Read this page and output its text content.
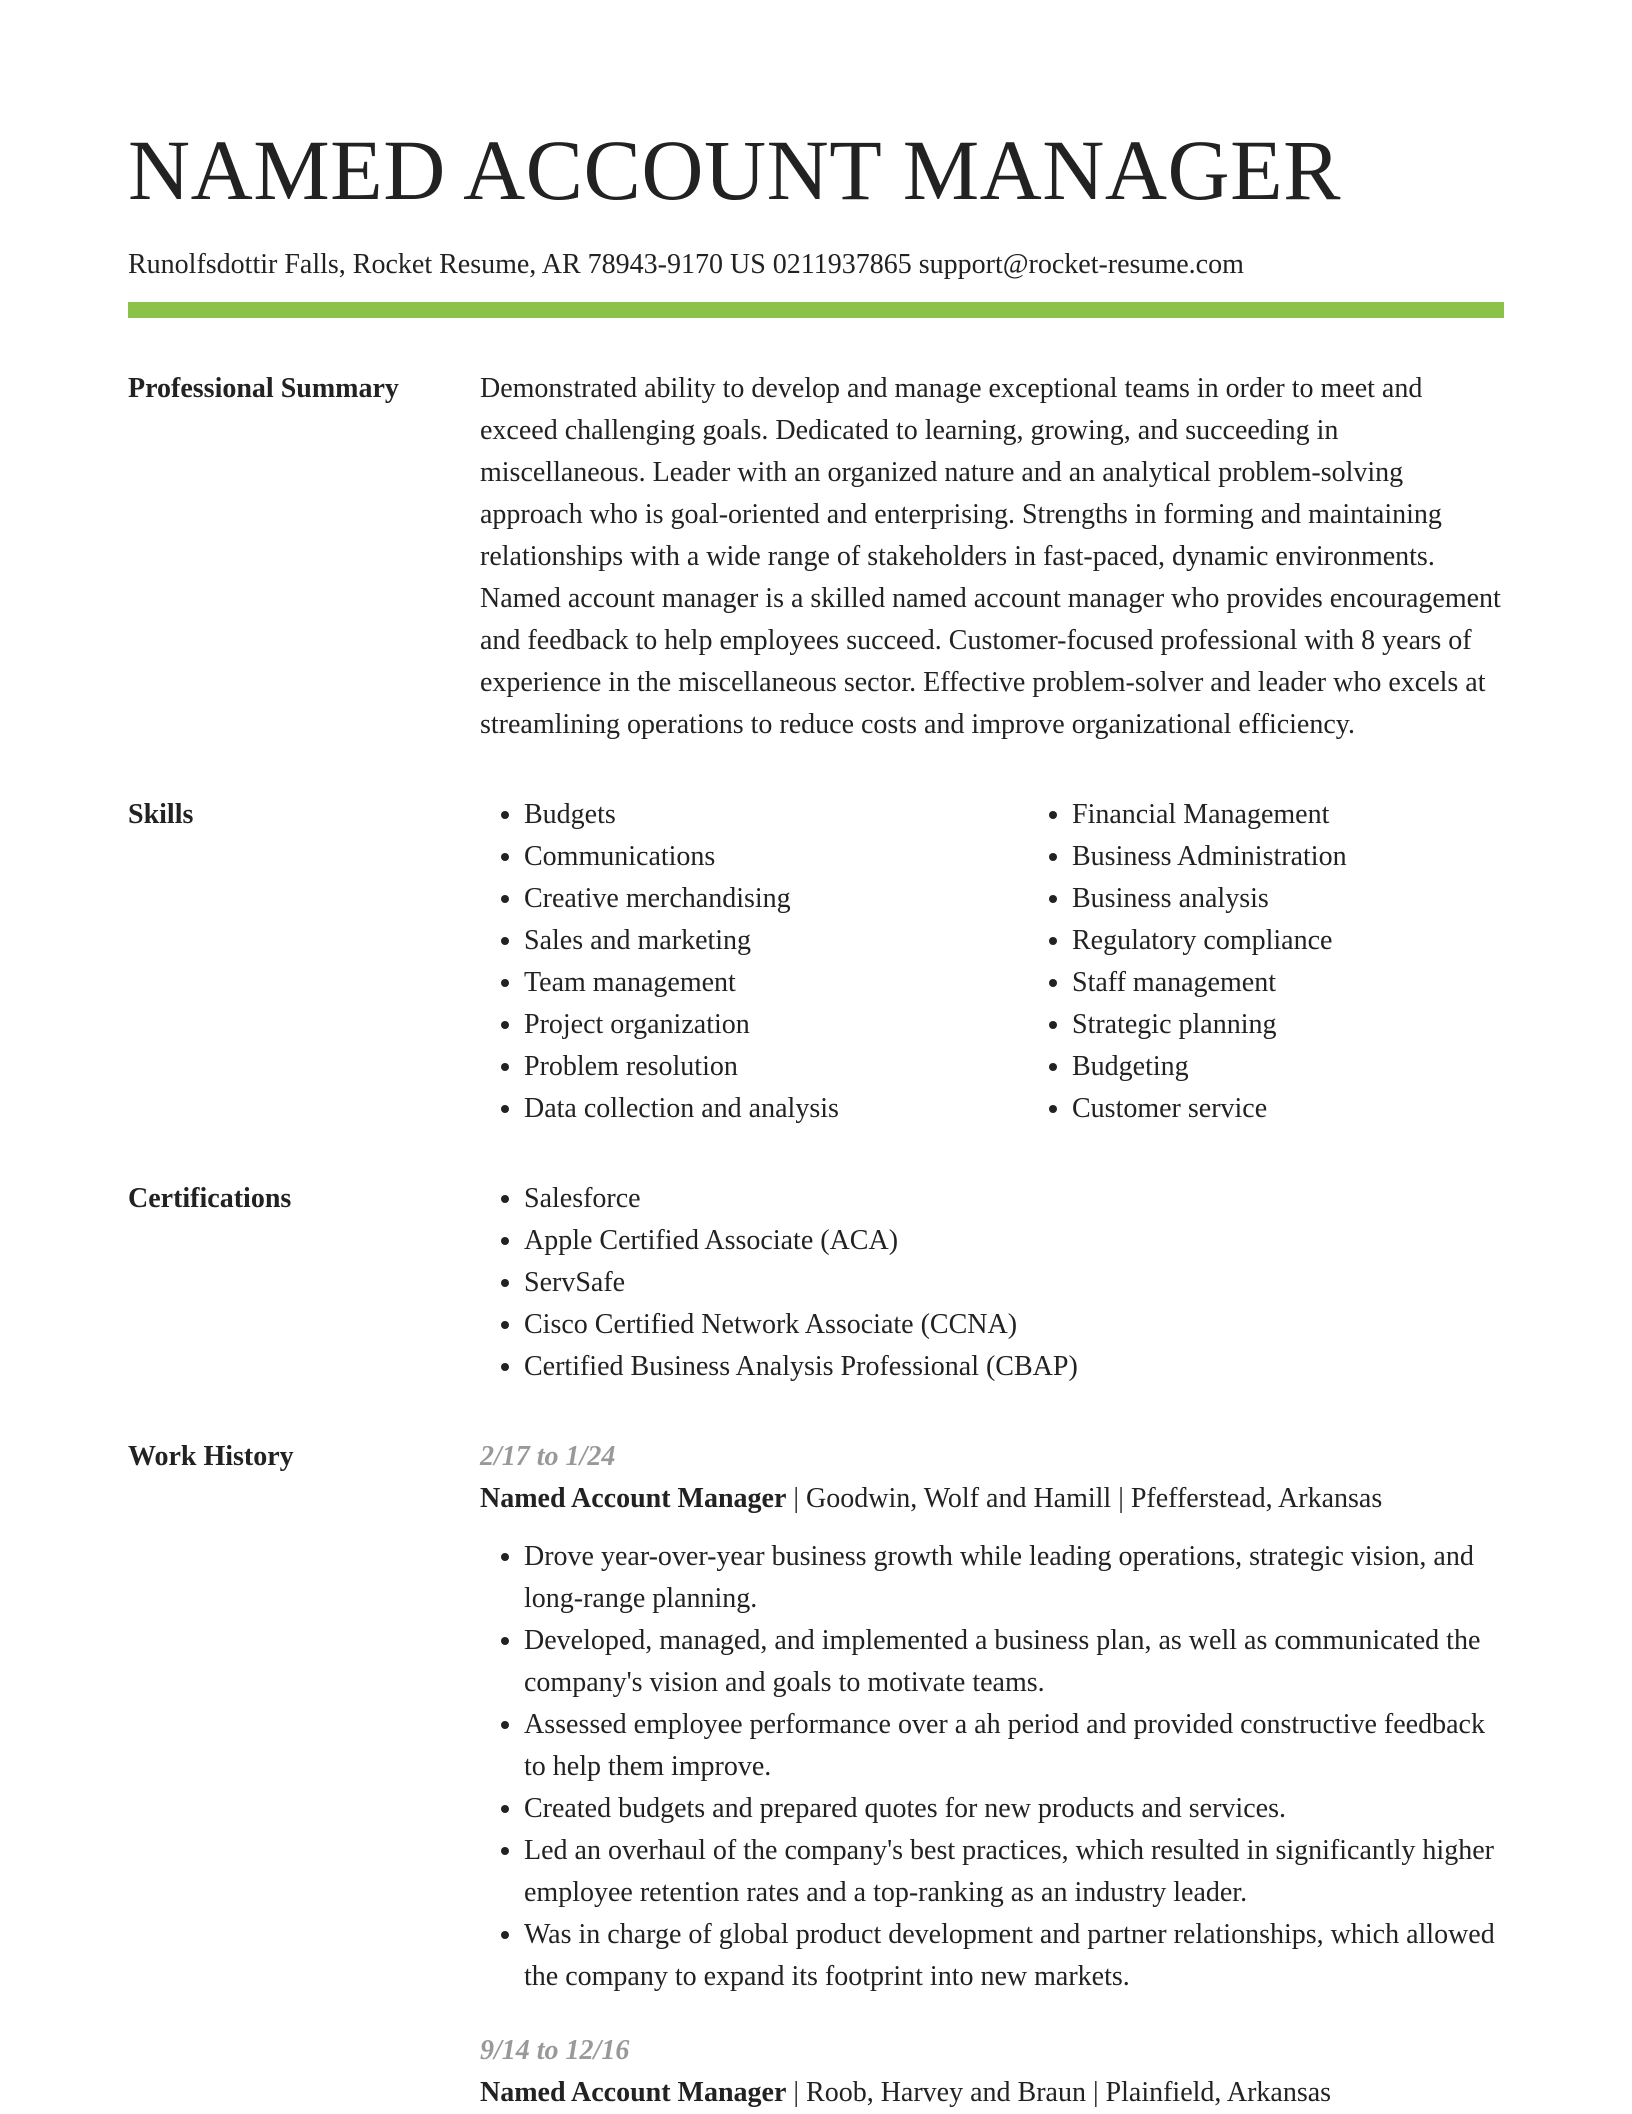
NAMED ACCOUNT MANAGER
Runolfsdottir Falls, Rocket Resume, AR 78943-9170 US 0211937865 support@rocket-resume.com
Professional Summary	Demonstrated ability to develop and manage exceptional teams in order to meet and exceed challenging goals. Dedicated to learning, growing, and succeeding in miscellaneous. Leader with an organized nature and an analytical problem-solving approach who is goal-oriented and enterprising. Strengths in forming and maintaining relationships with a wide range of stakeholders in fast-paced, dynamic environments. Named account manager is a skilled named account manager who provides encouragement and feedback to help employees succeed. Customer-focused professional with 8 years of experience in the miscellaneous sector. Effective problem-solver and leader who excels at streamlining operations to reduce costs and improve organizational efficiency.

Skills	• Budgets
• Communications
• Creative merchandising
• Sales and marketing
• Team management
• Project organization
• Problem resolution
• Data collection and analysis
• Financial Management
• Business Administration
• Business analysis
• Regulatory compliance
• Staff management
• Strategic planning
• Budgeting
• Customer service
Certifications	• Salesforce
• Apple Certified Associate (ACA)
• ServSafe
• Cisco Certified Network Associate (CCNA)
• Certified Business Analysis Professional (CBAP)
Work History	2/17 to 1/24
Named Account Manager | Goodwin, Wolf and Hamill | Pfefferstead, Arkansas
• Drove year-over-year business growth while leading operations, strategic vision, and long-range planning.
• Developed, managed, and implemented a business plan, as well as communicated the company's vision and goals to motivate teams.
• Assessed employee performance over a ah period and provided constructive feedback to help them improve.
• Created budgets and prepared quotes for new products and services.
• Led an overhaul of the company's best practices, which resulted in significantly higher employee retention rates and a top-ranking as an industry leader.
• Was in charge of global product development and partner relationships, which allowed the company to expand its footprint into new markets.
9/14 to 12/16
Named Account Manager | Roob, Harvey and Braun | Plainfield, Arkansas
